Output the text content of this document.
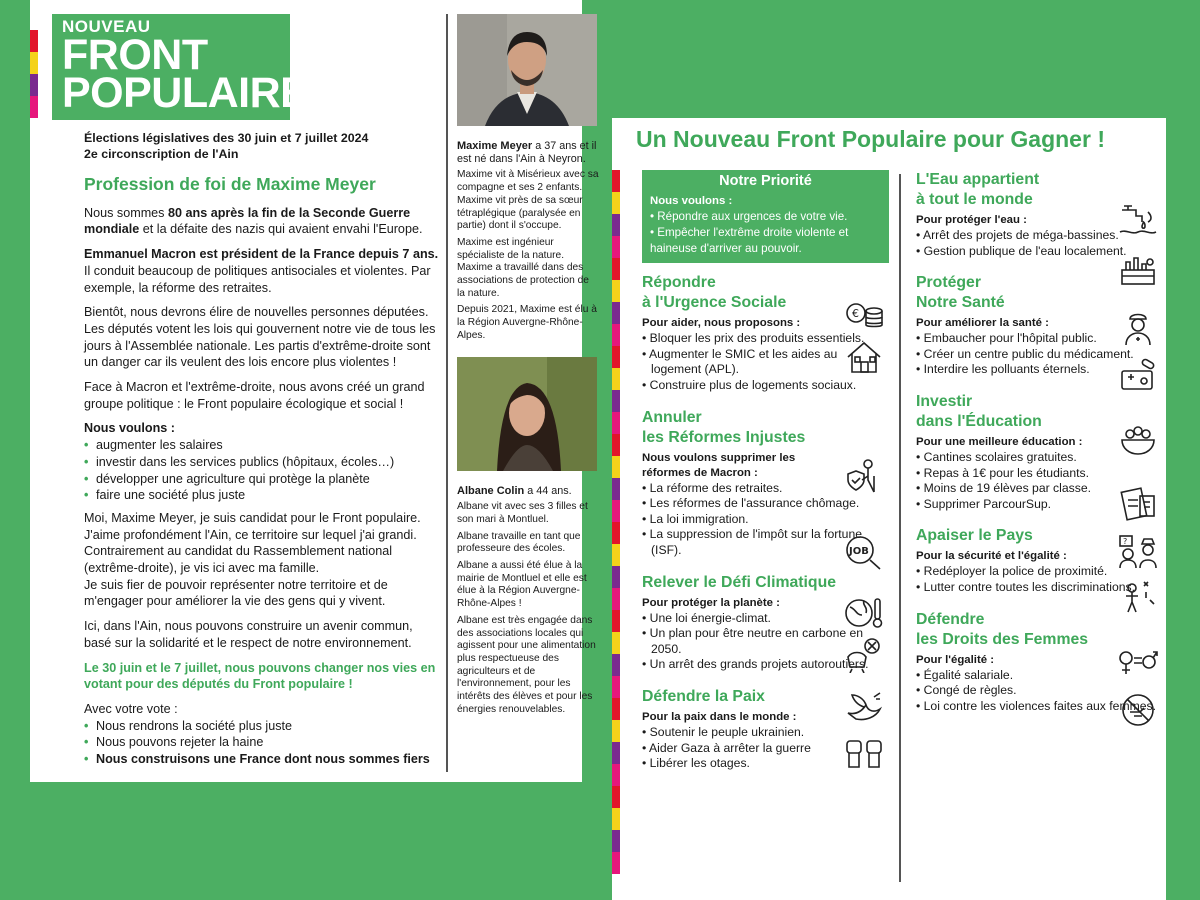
NOUVEAU
FRONT
POPULAIRE
Élections législatives des 30 juin et 7 juillet 2024
2e circonscription de l'Ain
Profession de foi de Maxime Meyer

Nous sommes 80 ans après la fin de la Seconde Guerre mondiale et la défaite des nazis qui avaient envahi l'Europe.

Emmanuel Macron est président de la France depuis 7 ans. Il conduit beaucoup de politiques antisociales et violentes. Par exemple, la réforme des retraites.

Bientôt, nous devrons élire de nouvelles personnes députées. Les députés votent les lois qui gouvernent notre vie de tous les jours à l'Assemblée nationale. Les partis d'extrême-droite sont un danger car ils veulent des lois encore plus violentes !

Face à Macron et l'extrême-droite, nous avons créé un grand groupe politique : le Front populaire écologique et social !

Nous voulons :
• augmenter les salaires
• investir dans les services publics (hôpitaux, écoles…)
• développer une agriculture qui protège la planète
• faire une société plus juste

Moi, Maxime Meyer, je suis candidat pour le Front populaire. J'aime profondément l'Ain, ce territoire sur lequel j'ai grandi. Contrairement au candidat du Rassemblement national (extrême-droite), je vis ici avec ma famille.
Je suis fier de pouvoir représenter notre territoire et de m'engager pour améliorer la vie des gens qui y vivent.

Ici, dans l'Ain, nous pouvons construire un avenir commun, basé sur la solidarité et le respect de notre environnement.

Le 30 juin et le 7 juillet, nous pouvons changer nos vies en votant pour des députés du Front populaire !

Avec votre vote :
• Nous rendrons la société plus juste
• Nous pouvons rejeter la haine
• Nous construisons une France dont nous sommes fiers

Maxime Meyer a 37 ans et il est né dans l'Ain à Neyron.

Maxime vit à Misérieux avec sa compagne et ses 2 enfants. Maxime vit près de sa sœur tétraplégique (paralysée en partie) dont il s'occupe.

Maxime est ingénieur spécialiste de la nature. Maxime a travaillé dans des associations de protection de la nature.

Depuis 2021, Maxime est élu à la Région Auvergne-Rhône-Alpes.

Albane Colin a 44 ans.

Albane vit avec ses 3 filles et son mari à Montluel.

Albane travaille en tant que professeure des écoles.

Albane a aussi été élue à la mairie de Montluel et elle est élue à la Région Auvergne-Rhône-Alpes !

Albane est très engagée dans des associations locales qui agissent pour une alimentation plus respectueuse des agriculteurs et de l'environnement, pour les intérêts des élèves et pour les énergies renouvelables.

Un Nouveau Front Populaire pour Gagner !
Notre Priorité
Nous voulons :
• Répondre aux urgences de votre vie.
• Empêcher l'extrême droite violente et haineuse d'arriver au pouvoir.
Répondre
à l'Urgence Sociale
Pour aider, nous proposons :
• Bloquer les prix des produits essentiels.
• Augmenter le SMIC et les aides au logement (APL).
• Construire plus de logements sociaux.
€
Annuler
les Réformes Injustes
Nous voulons supprimer les réformes de Macron :
• La réforme des retraites.
• Les réformes de l'assurance chômage.
• La loi immigration.
• La suppression de l'impôt sur la fortune (ISF).	JOB
Relever le Défi Climatique
Pour protéger la planète :
• Une loi énergie-climat.
• Un plan pour être neutre en carbone en 2050.
• Un arrêt des grands projets autoroutiers.
Défendre la Paix
Pour la paix dans le monde :
• Soutenir le peuple ukrainien.
• Aider Gaza à arrêter la guerre
• Libérer les otages.
L'Eau appartient
à tout le monde
Pour protéger l'eau :
• Arrêt des projets de méga-bassines.
• Gestion publique de l'eau localement.
Protéger
Notre Santé
Pour améliorer la santé :
• Embaucher pour l'hôpital public.
• Créer un centre public du médicament.
• Interdire les polluants éternels.
Investir
dans l'Éducation
Pour une meilleure éducation :
• Cantines scolaires gratuites.
• Repas à 1€ pour les étudiants.
• Moins de 19 élèves par classe.
• Supprimer ParcourSup.
Apaiser le Pays
Pour la sécurité et l'égalité :
• Redéployer la police de proximité.
• Lutter contre toutes les discriminations.
?
Défendre
les Droits des Femmes
Pour l'égalité :
• Égalité salariale.
• Congé de règles.
• Loi contre les violences faites aux femmes.
